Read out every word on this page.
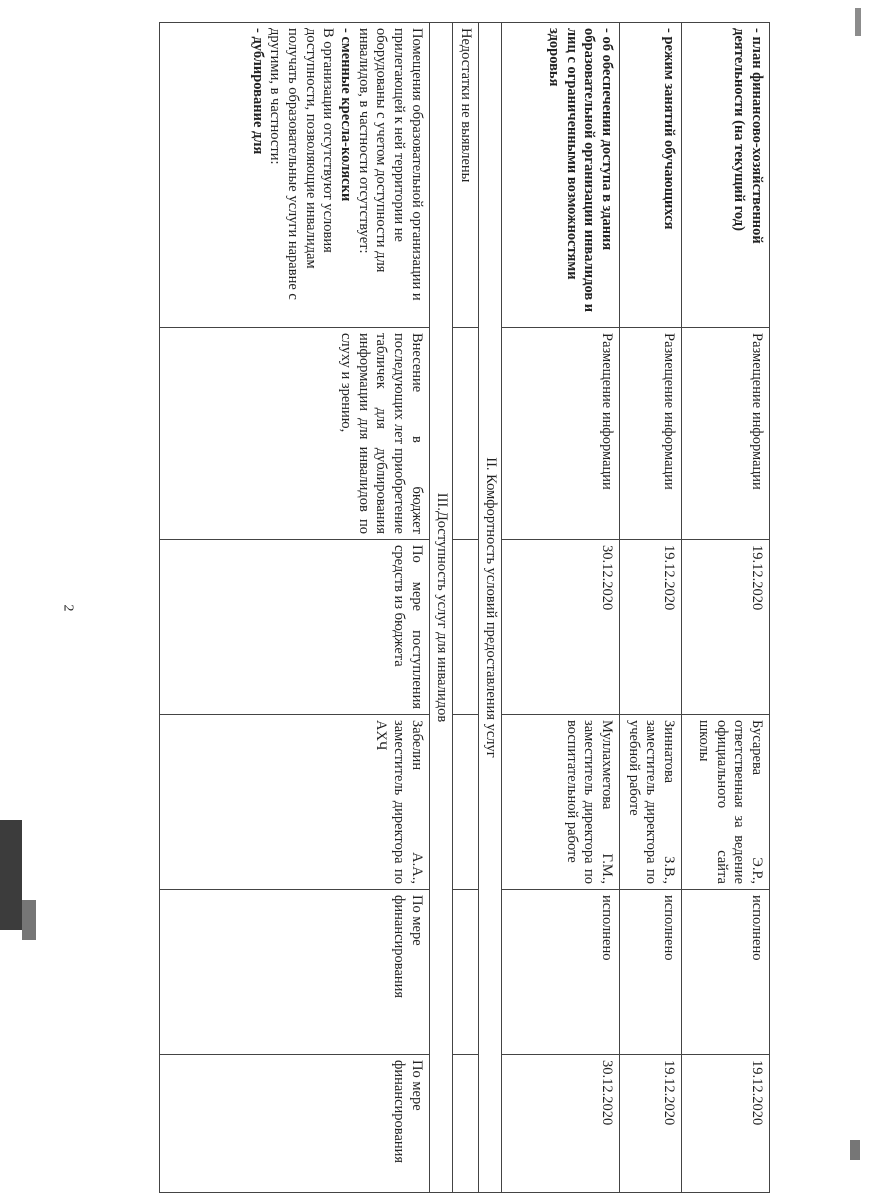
2
- план финансово-хозяйственной деятельности (на текущий год)	Размещение информации	19.12.2020	Бусарева Э.Р., ответственная за ведение официального сайта школы	исполнено	19.12.2020
- режим занятий обучающихся	Размещение информации	19.12.2020	Зиннатова З.В., заместитель директора по учебной работе	исполнено	19.12.2020
- об обеспечении доступа в здания образовательной организации инвалидов и лиц с ограниченными возможностями здоровья	Размещение информации	30.12.2020	Муллахметова Г.М., заместитель директора по воспитательной работе	исполнено	30.12.2020
II. Комфортность условий предоставления услуг					
Недостатки не выявлены					
III.Доступность услуг для инвалидов					
Помещения образовательной организации и прилегающей к ней территории не оборудованы с учетом доступности для инвалидов, в частности отсутствует:
- сменные кресла-коляски
В организации отсутствуют условия доступности, позволяющие инвалидам получать образовательные услуги наравне с другими, в частности:
- дублирование для	Внесение в бюджет последующих лет приобретение табличек для дублирования информации для инвалидов по слуху и зрению,	По мере поступления средств из бюджета	Забелин А.А., заместитель директора по АХЧ	По мере финансирования	По мере финансирования
